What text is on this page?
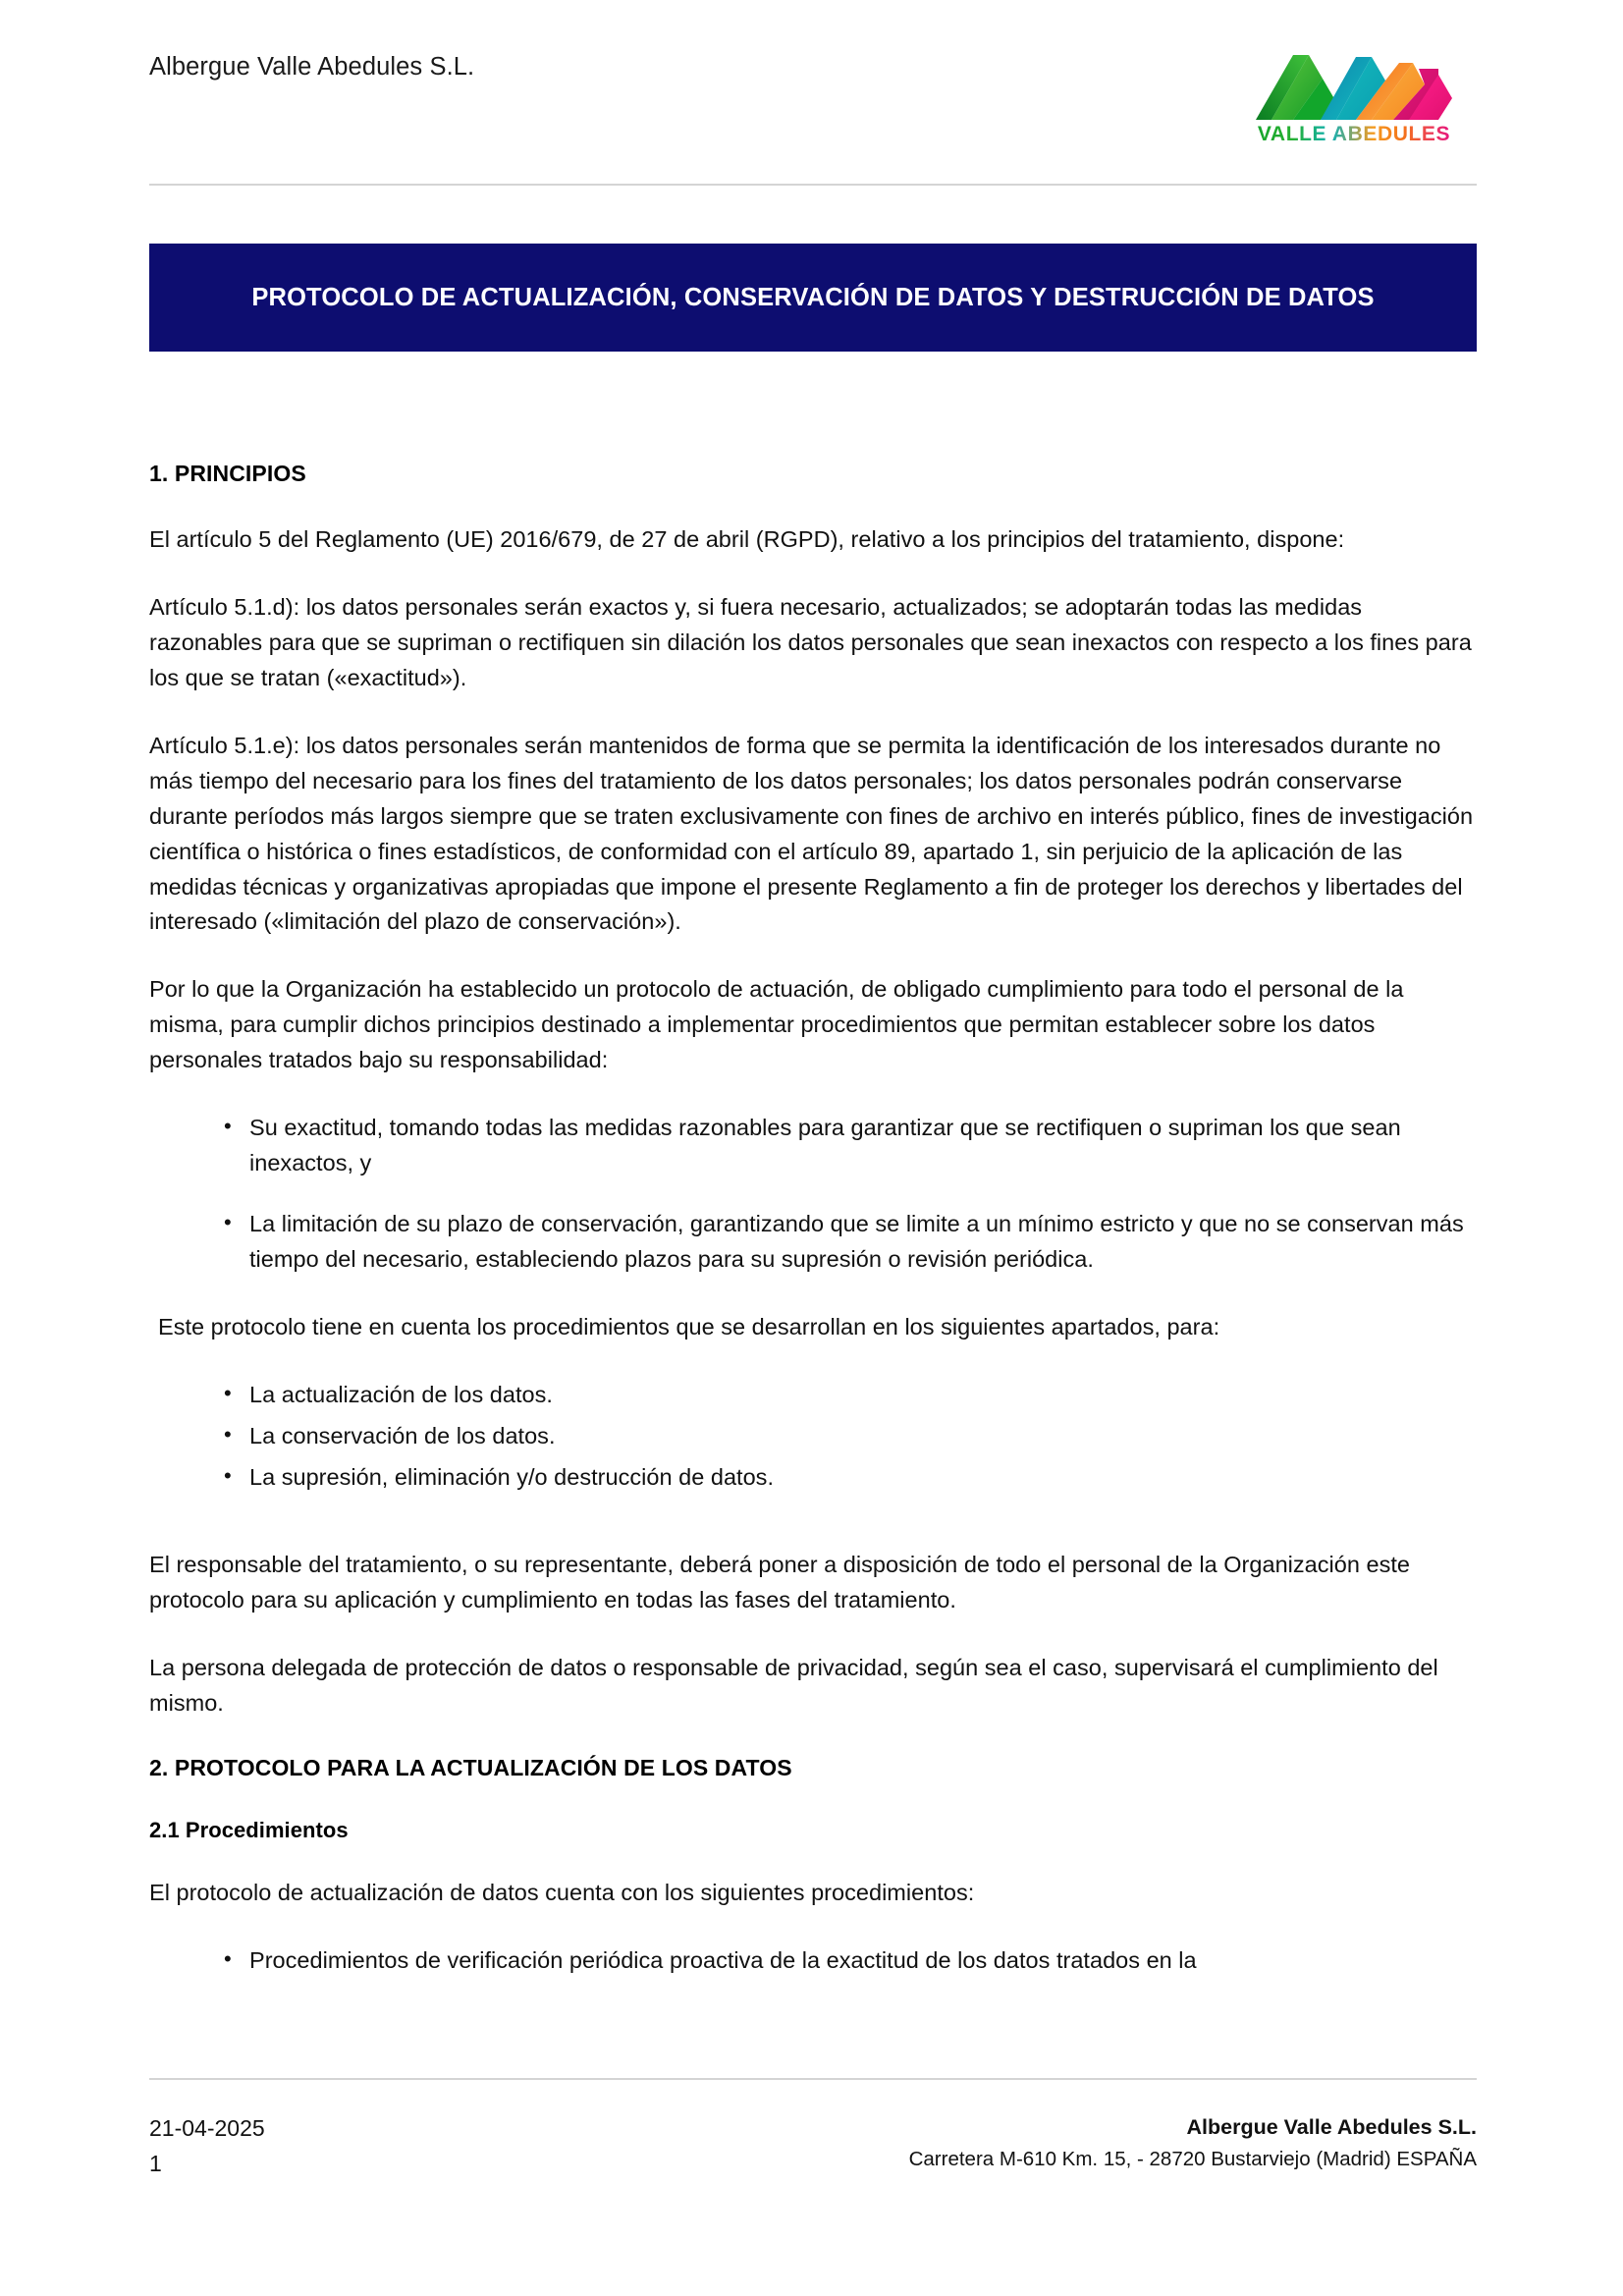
Albergue Valle Abedules S.L.
VALLE ABEDULES
PROTOCOLO DE ACTUALIZACIÓN, CONSERVACIÓN DE DATOS Y DESTRUCCIÓN DE DATOS
1. PRINCIPIOS

El artículo 5 del Reglamento (UE) 2016/679, de 27 de abril (RGPD), relativo a los principios del tratamiento, dispone:

Artículo 5.1.d): los datos personales serán exactos y, si fuera necesario, actualizados; se adoptarán todas las medidas razonables para que se supriman o rectifiquen sin dilación los datos personales que sean inexactos con respecto a los fines para los que se tratan («exactitud»).

Artículo 5.1.e): los datos personales serán mantenidos de forma que se permita la identificación de los interesados durante no más tiempo del necesario para los fines del tratamiento de los datos personales; los datos personales podrán conservarse durante períodos más largos siempre que se traten exclusivamente con fines de archivo en interés público, fines de investigación científica o histórica o fines estadísticos, de conformidad con el artículo 89, apartado 1, sin perjuicio de la aplicación de las medidas técnicas y organizativas apropiadas que impone el presente Reglamento a fin de proteger los derechos y libertades del interesado («limitación del plazo de conservación»).

Por lo que la Organización ha establecido un protocolo de actuación, de obligado cumplimiento para todo el personal de la misma, para cumplir dichos principios destinado a implementar procedimientos que permitan establecer sobre los datos personales tratados bajo su responsabilidad:

• Su exactitud, tomando todas las medidas razonables para garantizar que se rectifiquen o supriman los que sean inexactos, y
• La limitación de su plazo de conservación, garantizando que se limite a un mínimo estricto y que no se conservan más tiempo del necesario, estableciendo plazos para su supresión o revisión periódica.

Este protocolo tiene en cuenta los procedimientos que se desarrollan en los siguientes apartados, para:

• La actualización de los datos.
• La conservación de los datos.
• La supresión, eliminación y/o destrucción de datos.

El responsable del tratamiento, o su representante, deberá poner a disposición de todo el personal de la Organización este protocolo para su aplicación y cumplimiento en todas las fases del tratamiento.

La persona delegada de protección de datos o responsable de privacidad, según sea el caso, supervisará el cumplimiento del mismo.

2. PROTOCOLO PARA LA ACTUALIZACIÓN DE LOS DATOS
2.1 Procedimientos

El protocolo de actualización de datos cuenta con los siguientes procedimientos:

• Procedimientos de verificación periódica proactiva de la exactitud de los datos tratados en la
21-04-2025
1
Albergue Valle Abedules S.L.
Carretera M-610 Km. 15, - 28720 Bustarviejo (Madrid) ESPAÑA
